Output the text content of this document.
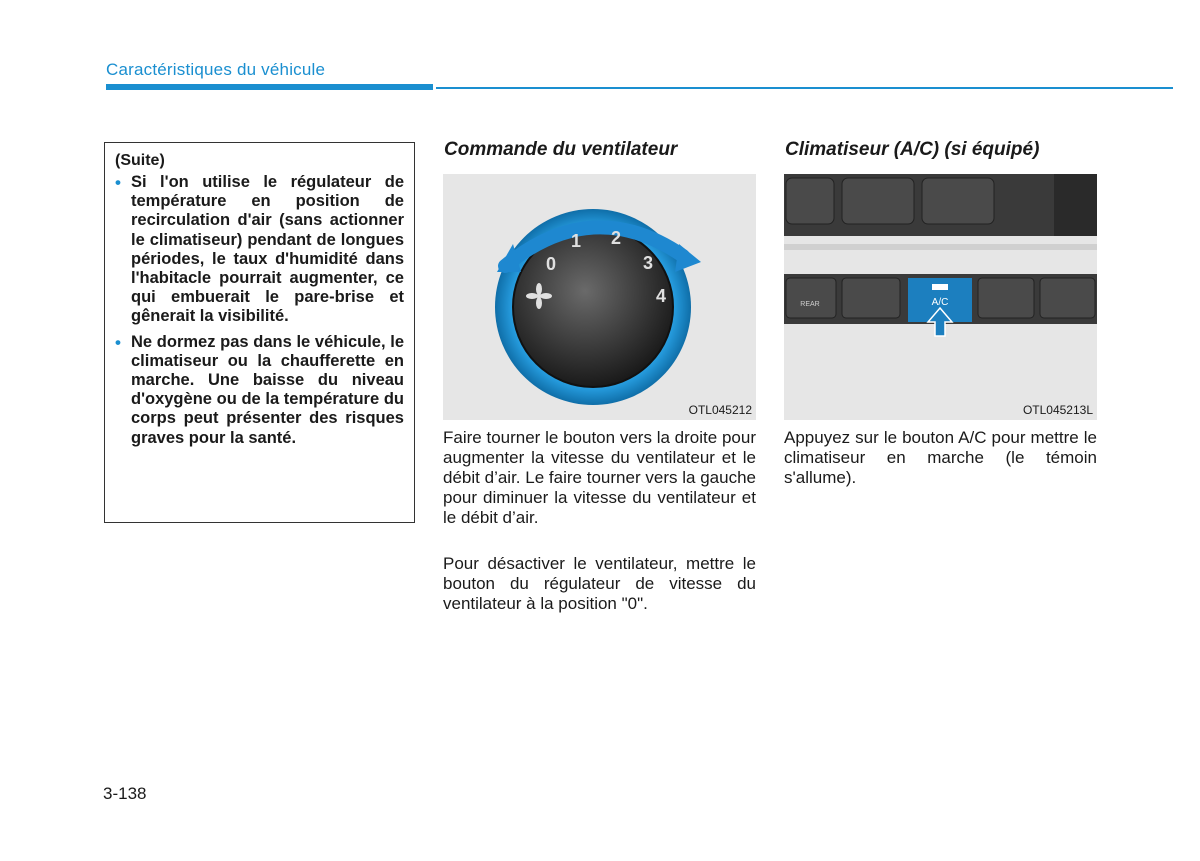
Caractéristiques du véhicule
(Suite)
• Si l'on utilise le régulateur de température en position de recirculation d'air (sans actionner le climatiseur) pendant de longues périodes, le taux d'humidité dans l'habitacle pourrait augmenter, ce qui embuerait le pare-brise et gênerait la visibilité.
• Ne dormez pas dans le véhicule, le climatiseur ou la chaufferette en marche. Une baisse du niveau d'oxygène ou de la température du corps peut présenter des risques graves pour la santé.
Commande du ventilateur
0
1 2
3
4
OTL045212

Faire tourner le bouton vers la droite pour augmenter la vitesse du ventilateur et le débit d’air. Le faire tourner vers la gauche pour diminuer la vitesse du ventilateur et le débit d’air.

Pour désactiver le ventilateur, mettre le bouton du régulateur de vitesse du ventilateur à la position "0".

Climatiseur (A/C) (si équipé)
A/C
REAR
OTL045213L

Appuyez sur le bouton A/C pour mettre le climatiseur en marche (le témoin s'allume).

3-138
